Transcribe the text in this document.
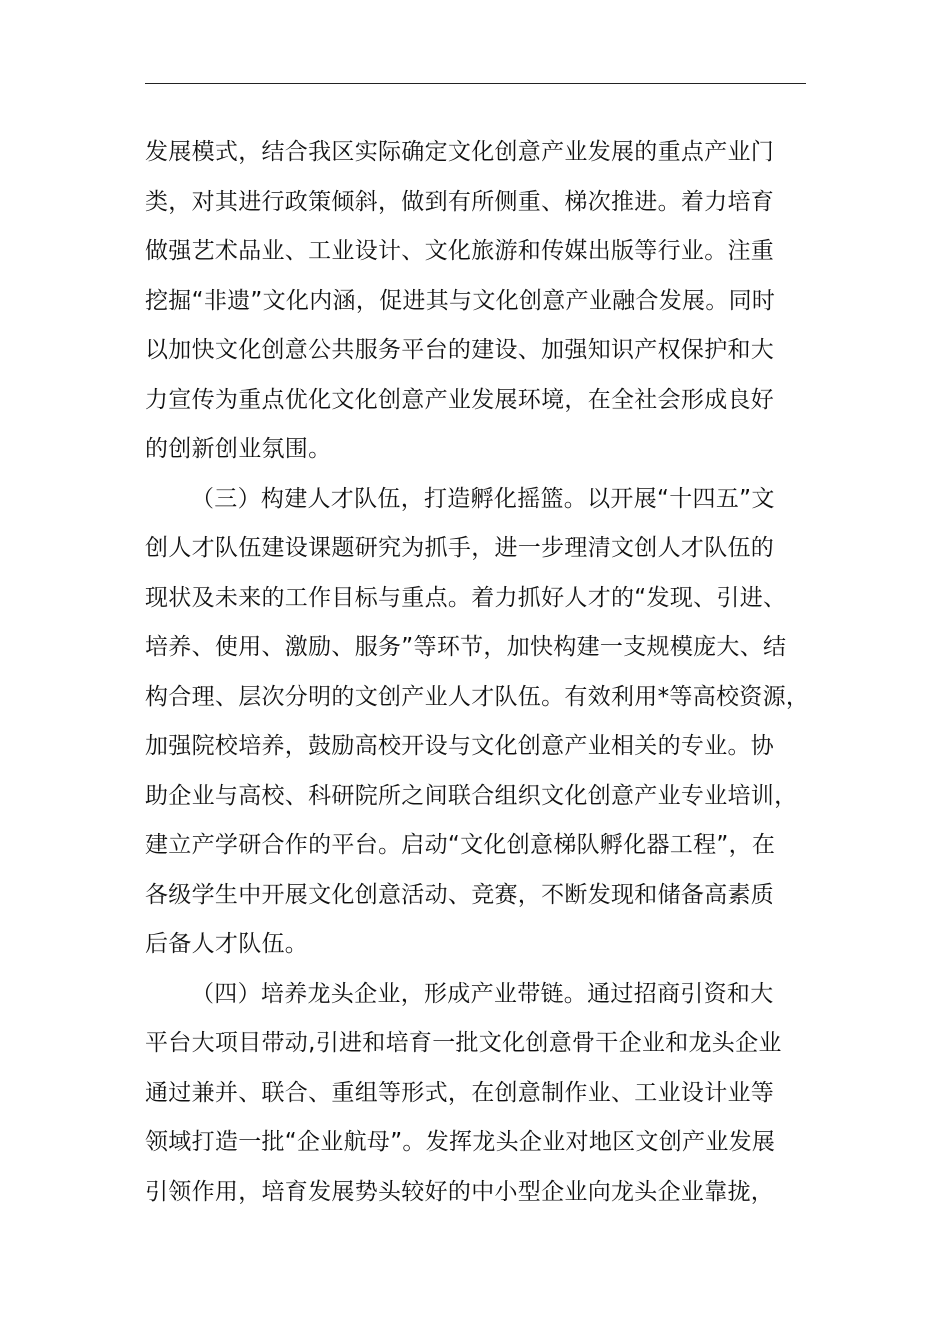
发展模式，结合我区实际确定文化创意产业发展的重点产业门
类，对其进行政策倾斜，做到有所侧重、梯次推进。着力培育
做强艺术品业、工业设计、文化旅游和传媒出版等行业。注重
挖掘“非遗”文化内涵，促进其与文化创意产业融合发展。同时
以加快文化创意公共服务平台的建设、加强知识产权保护和大
力宣传为重点优化文化创意产业发展环境，在全社会形成良好
的创新创业氛围。
（三）构建人才队伍，打造孵化摇篮。以开展“十四五”文
创人才队伍建设课题研究为抓手，进一步理清文创人才队伍的
现状及未来的工作目标与重点。着力抓好人才的“发现、引进、
培养、使用、激励、服务”等环节，加快构建一支规模庞大、结
构合理、层次分明的文创产业人才队伍。有效利用*等高校资源，
加强院校培养，鼓励高校开设与文化创意产业相关的专业。协
助企业与高校、科研院所之间联合组织文化创意产业专业培训，
建立产学研合作的平台。启动“文化创意梯队孵化器工程”，在
各级学生中开展文化创意活动、竞赛，不断发现和储备高素质
后备人才队伍。
（四）培养龙头企业，形成产业带链。通过招商引资和大
平台大项目带动,引进和培育一批文化创意骨干企业和龙头企业
通过兼并、联合、重组等形式，在创意制作业、工业设计业等
领域打造一批“企业航母”。发挥龙头企业对地区文创产业发展
引领作用，培育发展势头较好的中小型企业向龙头企业靠拢，
